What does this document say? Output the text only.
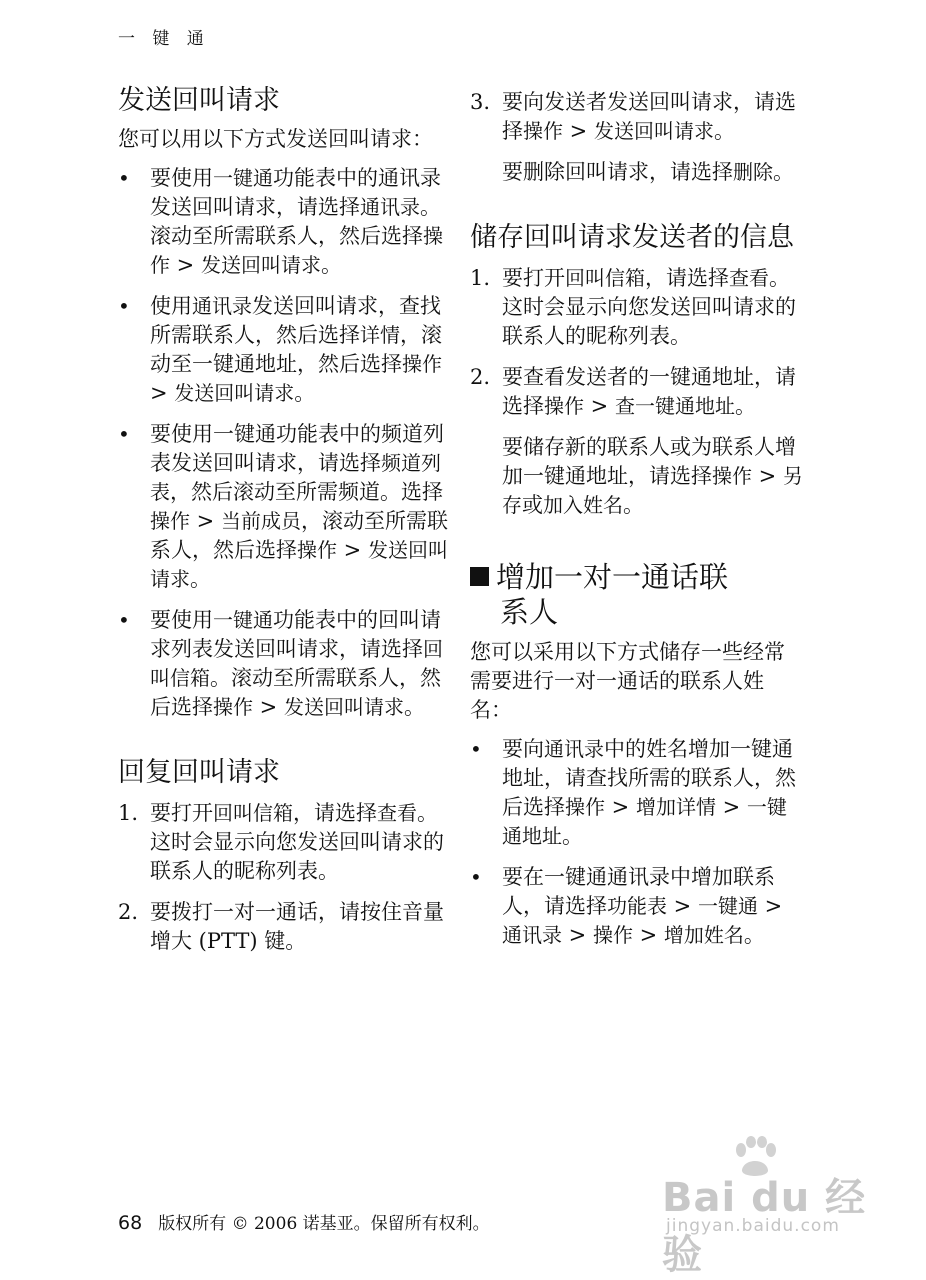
一 键 通
发送回叫请求

您可以用以下方式发送回叫请求：

• 要使用一键通功能表中的通讯录发送回叫请求，请选择通讯录。滚动至所需联系人，然后选择操作 > 发送回叫请求。
• 使用通讯录发送回叫请求，查找所需联系人，然后选择详情，滚动至一键通地址，然后选择操作 > 发送回叫请求。
• 要使用一键通功能表中的频道列表发送回叫请求，请选择频道列表，然后滚动至所需频道。选择操作 > 当前成员，滚动至所需联系人，然后选择操作 > 发送回叫请求。
• 要使用一键通功能表中的回叫请求列表发送回叫请求，请选择回叫信箱。滚动至所需联系人，然后选择操作 > 发送回叫请求。
回复回叫请求
1. 要打开回叫信箱，请选择查看。这时会显示向您发送回叫请求的联系人的昵称列表。
2. 要拨打一对一通话，请按住音量增大 (PTT) 键。
3. 要向发送者发送回叫请求，请选择操作 > 发送回叫请求。

要删除回叫请求，请选择删除。

储存回叫请求发送者的信息
1. 要打开回叫信箱，请选择查看。这时会显示向您发送回叫请求的联系人的昵称列表。
2. 要查看发送者的一键通地址，请选择操作 > 查一键通地址。

要储存新的联系人或为联系人增加一键通地址，请选择操作 > 另存或加入姓名。

增加一对一通话联
系人

您可以采用以下方式储存一些经常需要进行一对一通话的联系人姓名：

• 要向通讯录中的姓名增加一键通地址，请查找所需的联系人，然后选择操作 > 增加详情 > 一键通地址。
• 要在一键通通讯录中增加联系人，请选择功能表 > 一键通 > 通讯录 > 操作 > 增加姓名。
68 版权所有 © 2006 诺基亚。保留所有权利。
Bai du 经验
jingyan.baidu.com
